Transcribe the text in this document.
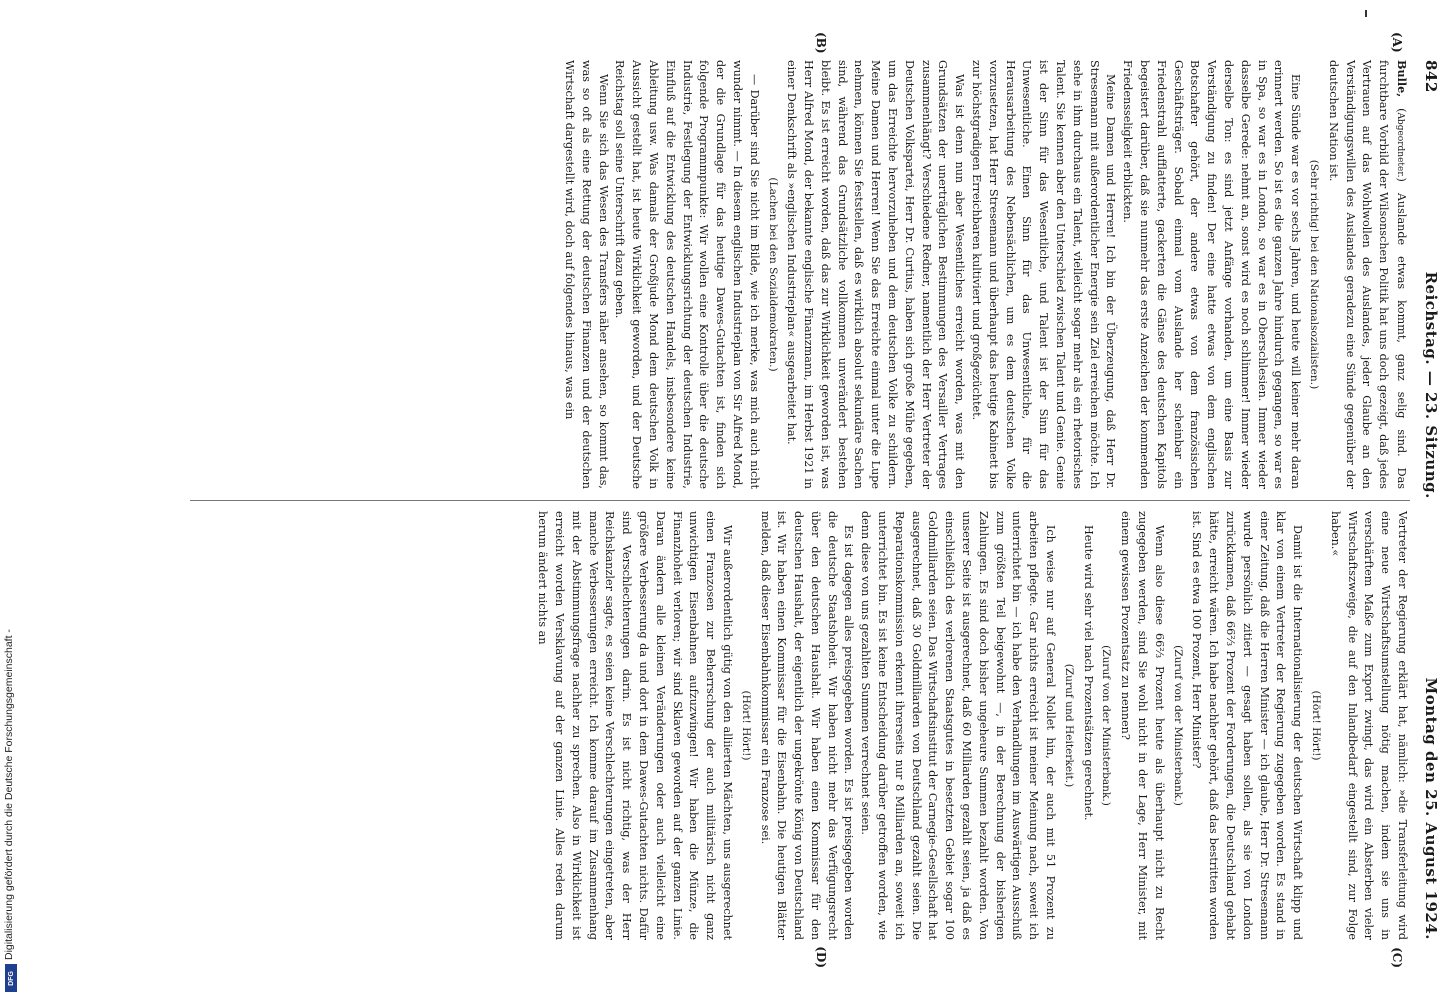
Digitalisierung gefördert durch die Deutsche Forschungsgemeinschaft -
DFG
842
Reichstag. — 23. Sitzung.
Montag den 25. August 1924.
(A)
(B)
(C)
(D)

Bulle, (Abgeordneter.) Auslande etwas kommt, ganz selig sind. Das furchtbare Vorbild der Wilsonschen Politik hat uns doch gezeigt, daß jedes Vertrauen auf das Wohlwollen des Auslandes, jeder Glaube an den Verständigungswillen des Auslandes geradezu eine Sünde gegenüber der deutschen Nation ist.

(Sehr richtig! bei den Nationalsozialisten.)

Eine Sünde war es vor sechs Jahren, und heute will keiner mehr daran erinnert werden. So ist es die ganzen Jahre hindurch gegangen, so war es in Spa, so war es in London, so war es in Oberschlesien. Immer wieder dasselbe Gerede: nehmt an, sonst wird es noch schlimmer! Immer wieder derselbe Ton: es sind jetzt Anfänge vorhanden, um eine Basis zur Verständigung zu finden! Der eine hatte etwas von dem englischen Botschafter gehört, der andere etwas von dem französischen Geschäftsträger. Sobald einmal vom Auslande her scheinbar ein Friedenstrahl aufflatterte, gackerten die Gänse des deutschen Kapitols begeistert darüber, daß sie nunmehr das erste Anzeichen der kommenden Friedensseligkeit erblickten.

Meine Damen und Herren! Ich bin der Überzeugung, daß Herr Dr. Stresemann mit außerordentlicher Energie sein Ziel erreichen möchte. Ich sehe in ihm durchaus ein Talent, vielleicht sogar mehr als ein rhetorisches Talent. Sie kennen aber den Unterschied zwischen Talent und Genie. Genie ist der Sinn für das Wesentliche, und Talent ist der Sinn für das Unwesentliche. Einen Sinn für das Unwesentliche, für die Herausarbeitung des Nebensächlichen, um es dem deutschen Volke vorzusetzen, hat Herr Stresemann und überhaupt das heutige Kabinett bis zur höchstgradigen Erreichbaren kultiviert und großgezüchtet.

Was ist denn nun aber Wesentliches erreicht worden, was mit den Grundsätzen der unerträglichen Bestimmungen des Versailler Vertrages zusammenhängt? Verschiedene Redner, namentlich der Herr Vertreter der Deutschen Volkspartei, Herr Dr. Curtius, haben sich große Mühe gegeben, um das Erreichte hervorzuheben und dem deutschen Volke zu schildern. Meine Damen und Herren! Wenn Sie das Erreichte einmal unter die Lupe nehmen, können Sie feststellen, daß es wirklich absolut sekundäre Sachen sind, während das Grundsätzliche vollkommen unverändert bestehen bleibt. Es ist erreicht worden, daß das zur Wirklichkeit geworden ist, was Herr Alfred Mond, der bekannte englische Finanzmann, im Herbst 1921 in einer Denkschrift als »englischen Industrieplan« ausgearbeitet hat.

(Lachen bei den Sozialdemokraten.)

— Darüber sind Sie nicht im Bilde, wie ich merke, was mich auch nicht wunder nimmt. — In diesem englischen Industrieplan von Sir Alfred Mond, der die Grundlage für das heutige Dawes-Gutachten ist, finden sich folgende Programmpunkte: Wir wollen eine Kontrolle über die deutsche Industrie, Festlegung der Entwicklungsrichtung der deutschen Industrie, Einfluß auf die Entwicklung des deutschen Handels, insbesondere keine Ableitung usw. Was damals der Großjude Mond dem deutschen Volk in Aussicht gestellt hat, ist heute Wirklichkeit geworden, und der Deutsche Reichstag soll seine Unterschrift dazu geben.

Wenn Sie sich das Wesen des Transfers näher ansehen, so kommt das, was so oft als eine Rettung der deutschen Finanzen und der deutschen Wirtschaft dargestellt wird, doch auf folgendes hinaus, was ein

Vertreter der Regierung erklärt hat, nämlich: »die Transferleitung wird eine neue Wirtschaftsumstellung nötig machen, indem sie uns in verschärftem Maße zum Export zwingt, das wird ein Absterben vieler Wirtschaftszweige, die auf den Inlandbedarf eingestellt sind, zur Folge haben.«

(Hört! Hört!)

Damit ist die Internationalisierung der deutschen Wirtschaft klipp und klar von einem Vertreter der Regierung zugegeben worden. Es stand in einer Zeitung, daß die Herren Minister — ich glaube, Herr Dr. Stresemann wurde persönlich zitiert — gesagt haben sollen, als sie von London zurückkamen, daß 66⅔ Prozent der Forderungen, die Deutschland gehabt hätte, erreicht wären. Ich habe nachher gehört, daß das bestritten worden ist. Sind es etwa 100 Prozent, Herr Minister?

(Zuruf von der Ministerbank.)

Wenn also diese 66⅔ Prozent heute als überhaupt nicht zu Recht zugegeben werden, sind Sie wohl nicht in der Lage, Herr Minister, mit einem gewissen Prozentsatz zu nennen?

(Zuruf von der Ministerbank.)

Heute wird sehr viel nach Prozentsätzen gerechnet.

(Zuruf und Heiterkeit.)

Ich weise nur auf General Nollet hin, der auch mit 51 Prozent zu arbeiten pflegte. Gar nichts erreicht ist meiner Meinung nach, soweit ich unterrichtet bin — ich habe den Verhandlungen im Auswärtigen Ausschuß zum größten Teil beigewohnt —, in der Berechnung der bisherigen Zahlungen. Es sind doch bisher ungeheure Summen bezahlt worden. Von unserer Seite ist ausgerechnet, daß 60 Milliarden gezahlt seien, ja daß es einschließlich des verlorenen Staatsgutes in besetzten Gebiet sogar 100 Goldmilliarden seien. Das Wirtschaftsinstitut der Carnegie-Gesellschaft hat ausgerechnet, daß 30 Goldmilliarden von Deutschland gezahlt seien. Die Reparationskommission erkennt ihrerseits nur 8 Milliarden an, soweit ich unterrichtet bin. Es ist keine Entscheidung darüber getroffen worden, wie denn diese von uns gezahlten Summen verrechnet seien.

Es ist dagegen alles preisgegeben worden. Es ist preisgegeben worden die deutsche Staatshoheit. Wir haben nicht mehr das Verfügungsrecht über den deutschen Haushalt. Wir haben einen Kommissar für den deutschen Haushalt, der eigentlich der ungekrönte König von Deutschland ist. Wir haben einen Kommissar für die Eisenbahn. Die heutigen Blätter melden, daß dieser Eisenbahnkommissar ein Franzose sei.

(Hört! Hört!)

Wir außerordentlich gütig von den alliierten Mächten, uns ausgerechnet einen Franzosen zur Beherrschung der auch militärisch nicht ganz unwichtigen Eisenbahnen aufzuzwingen! Wir haben die Münze, die Finanzhoheit verloren; wir sind Sklaven geworden auf der ganzen Linie. Daran ändern alle kleinen Veränderungen oder auch vielleicht eine größere Verbesserung da und dort in dem Dawes-Gutachten nichts. Dafür sind Verschlechterungen darin. Es ist nicht richtig, was der Herr Reichskanzler sagte, es seien keine Verschlechterungen eingetreten, aber manche Verbesserungen erreicht. Ich komme darauf im Zusammenhang mit der Abstimmungsfrage nachher zu sprechen. Also in Wirklichkeit ist erreicht worden Versklavung auf der ganzen Linie. Alles reden darum herum ändert nichts an
